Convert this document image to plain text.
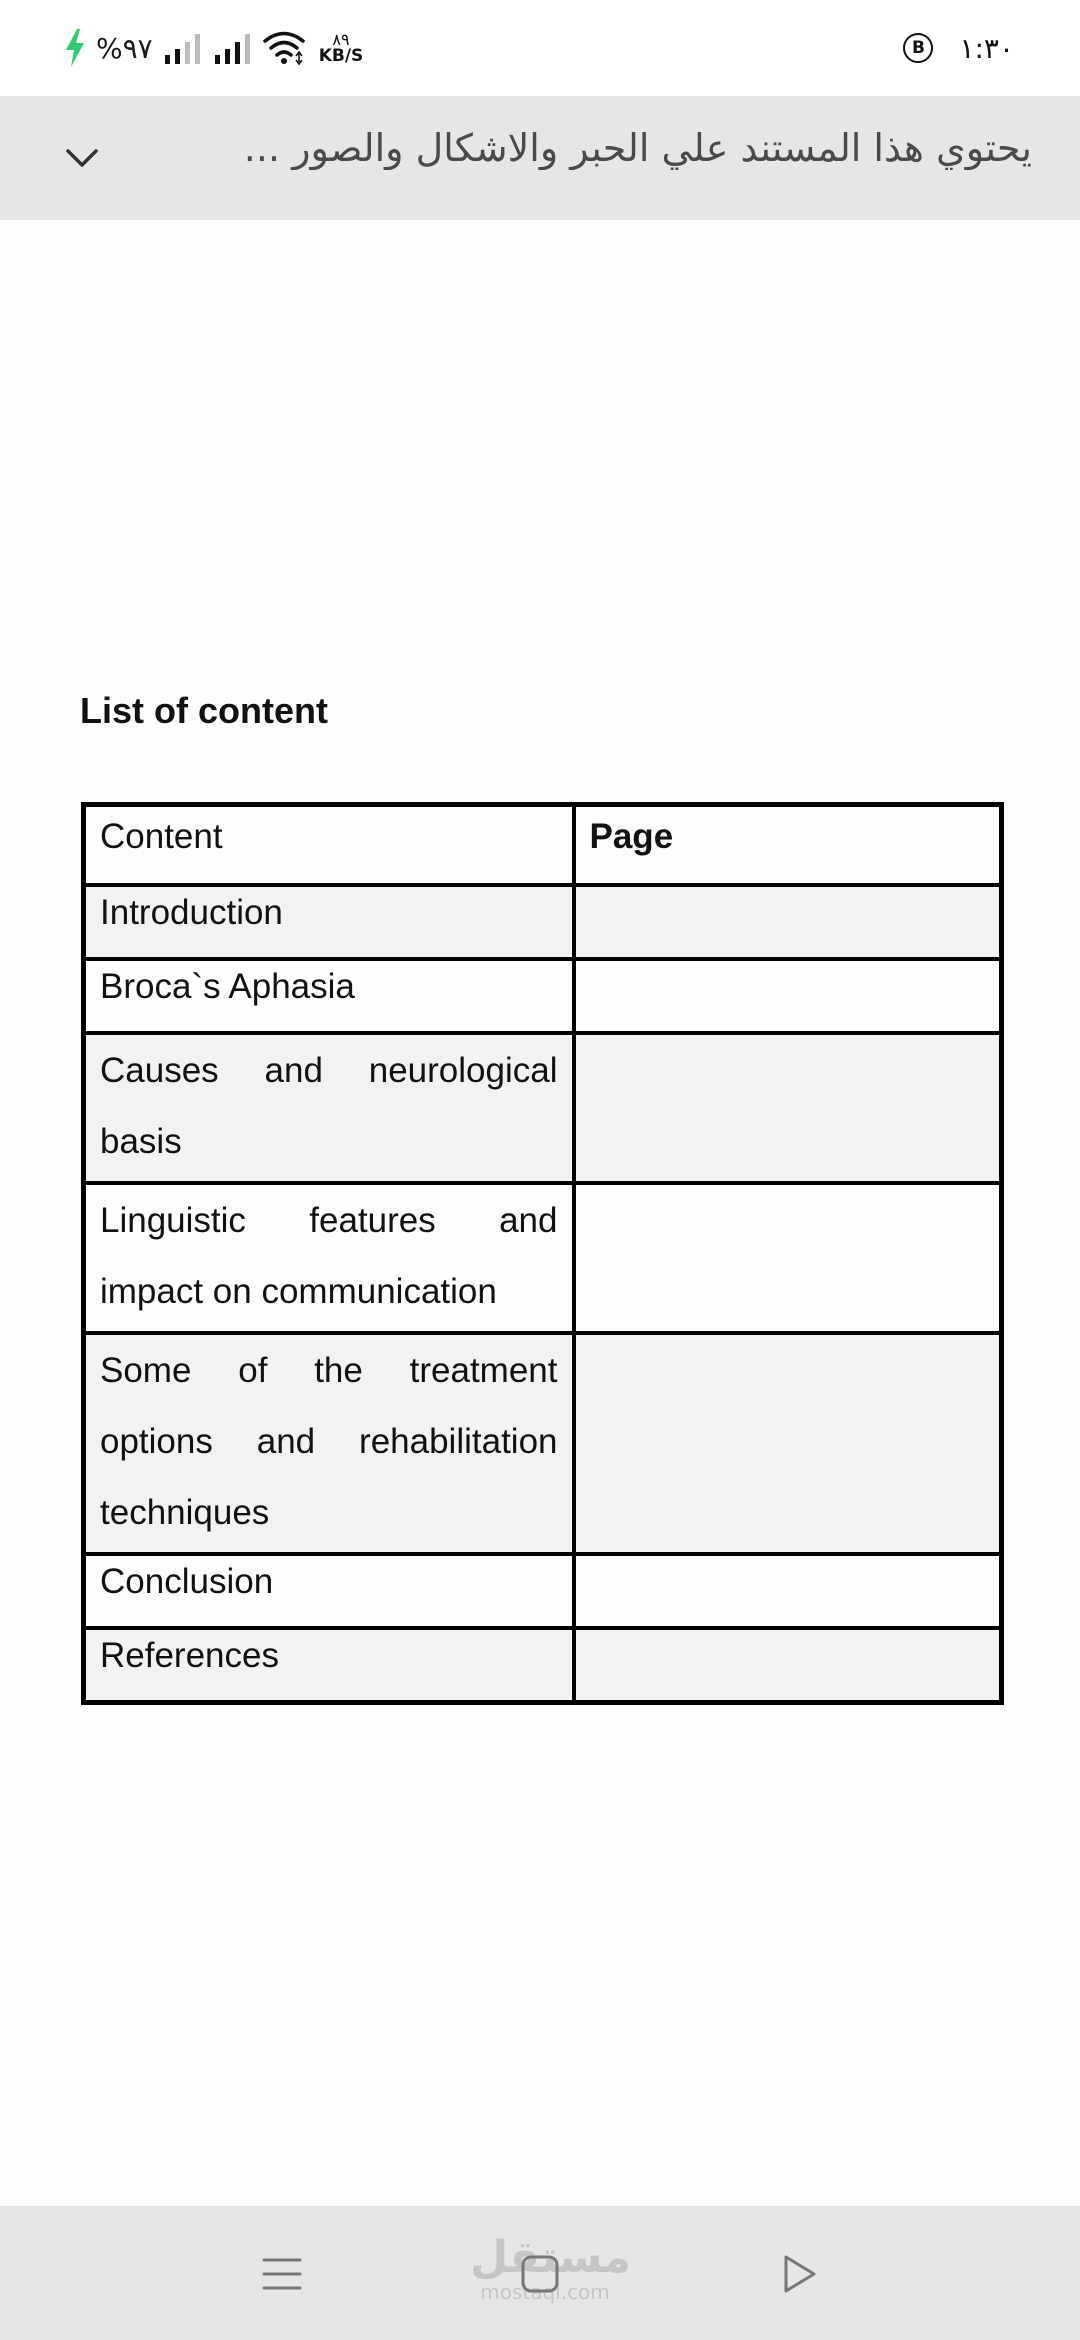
%٩٧	٨٩
KB/S	B	١:٣٠
يحتوي هذا المستند علي الحبر والاشكال والصور ...
List of content
Content	Page
Introduction	
Broca`s Aphasia	
Causes and neurological basis	
Linguistic features and impact on communication	
Some of the treatment options and rehabilitation techniques	
Conclusion	
References	
مستقل
mostaql.com
